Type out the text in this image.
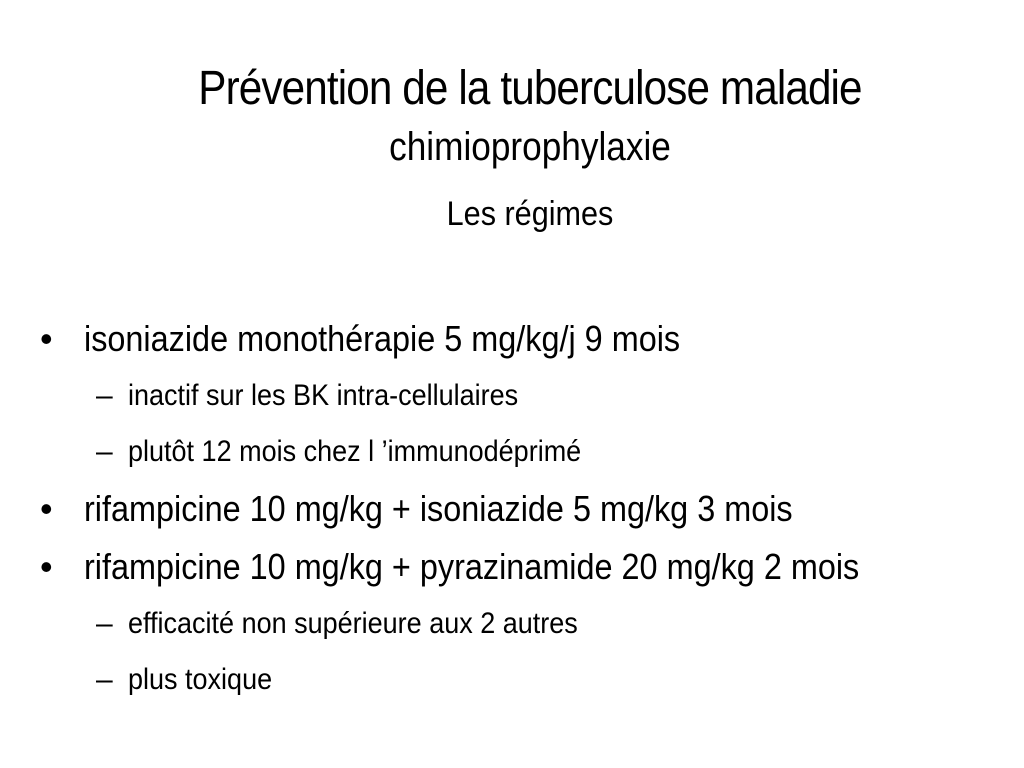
Prévention de la tuberculose maladie
chimioprophylaxie
Les régimes
• isoniazide monothérapie 5 mg/kg/j 9 mois
– inactif sur les BK intra-cellulaires
– plutôt 12 mois chez l ’immunodéprimé
• rifampicine 10 mg/kg + isoniazide 5 mg/kg 3 mois
• rifampicine 10 mg/kg + pyrazinamide 20 mg/kg 2 mois
– efficacité non supérieure aux 2 autres
– plus toxique
